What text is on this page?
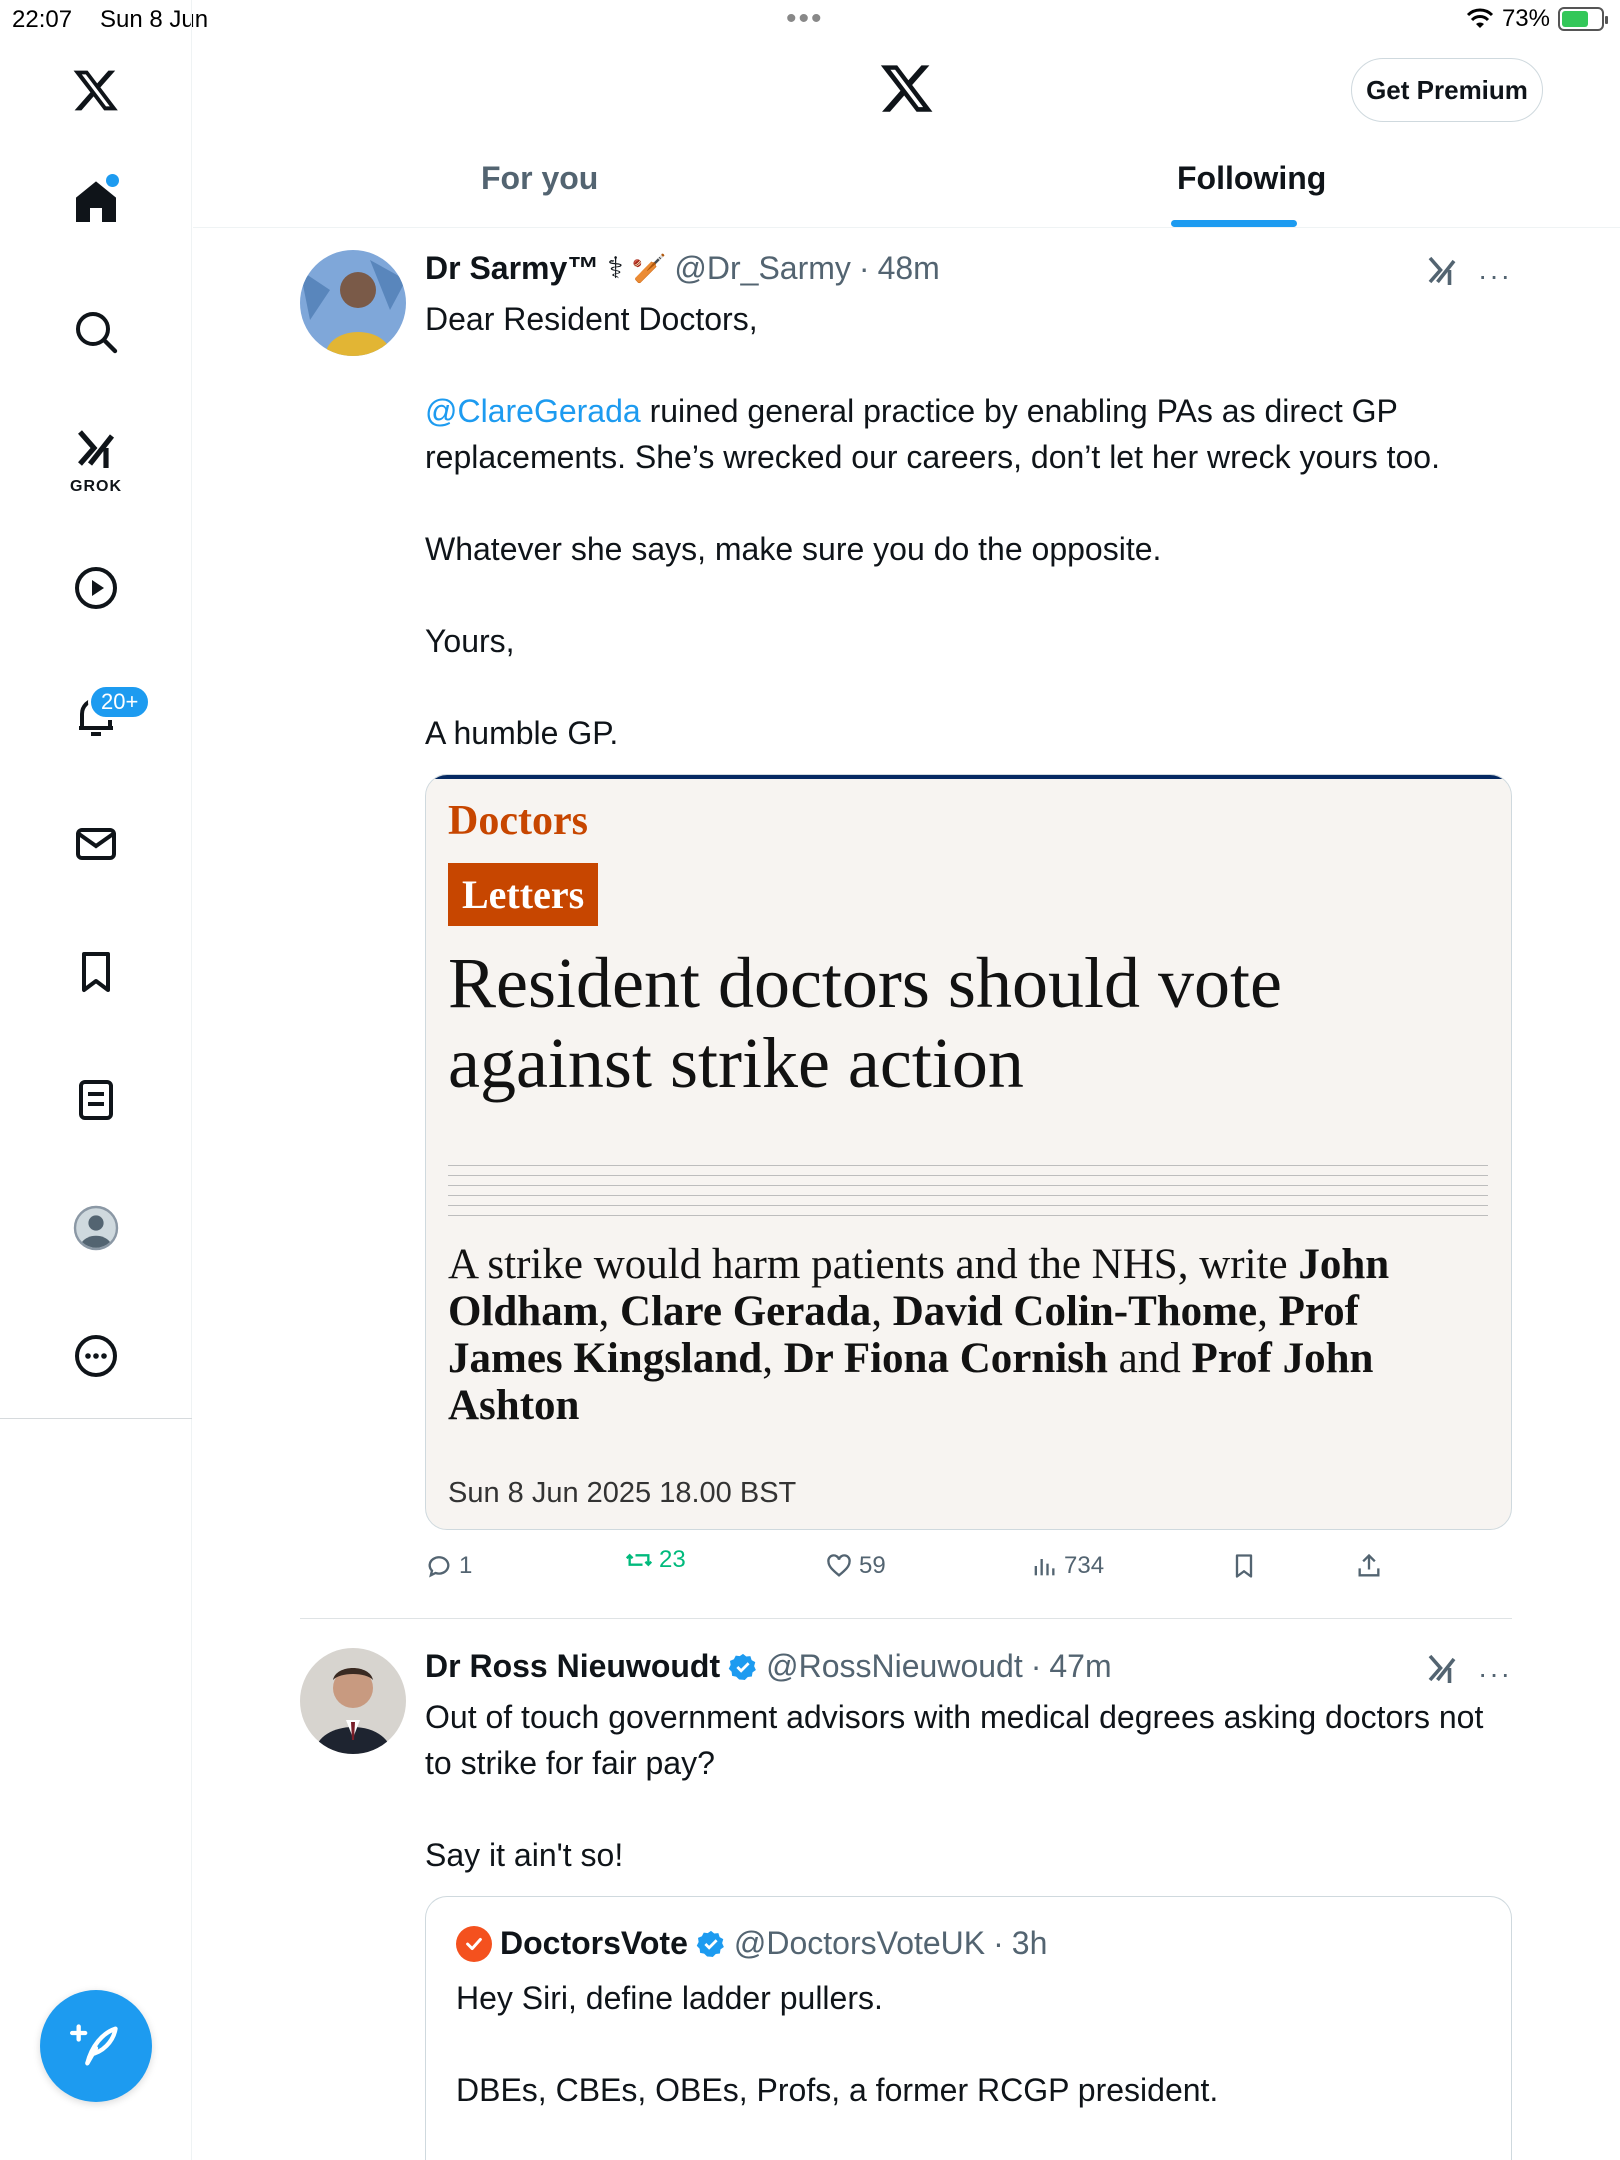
22:07 Sun 8 Jun	•••	73%
GROK
20+
Get Premium
For you	Following
Dr Sarmy™ ⚕ 🏏 @Dr_Sarmy · 48m	···

Dear Resident Doctors,

@ClareGerada ruined general practice by enabling PAs as direct GP replacements. She’s wrecked our careers, don’t let her wreck yours too.

Whatever she says, make sure you do the opposite.

Yours,

A humble GP.

Doctors
Letters
Resident doctors should vote against strike action
A strike would harm patients and the NHS, write John Oldham, Clare Gerada, David Colin-Thome, Prof James Kingsland, Dr Fiona Cornish and Prof John Ashton
Sun 8 Jun 2025 18.00 BST
1	23	59	734
Dr Ross Nieuwoudt @RossNieuwoudt · 47m	···

Out of touch government advisors with medical degrees asking doctors not to strike for fair pay?

Say it ain't so!

DoctorsVote @DoctorsVoteUK · 3h

Hey Siri, define ladder pullers.

DBEs, CBEs, OBEs, Profs, a former RCGP president.
